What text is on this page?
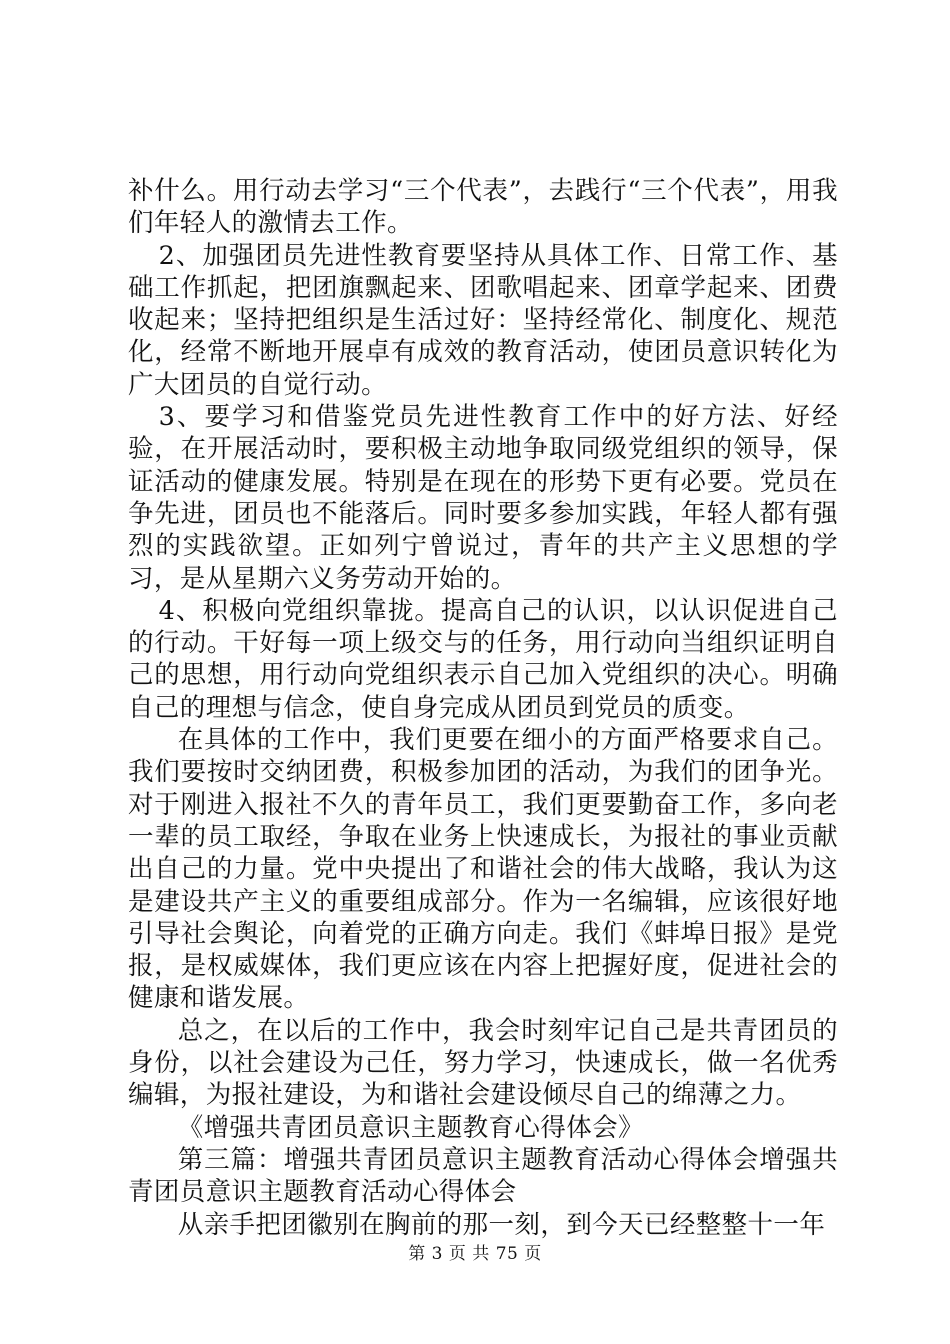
补什么。用行动去学习“三个代表”，去践行“三个代表”，用我们年轻人的激情去工作。

2、加强团员先进性教育要坚持从具体工作、日常工作、基础工作抓起，把团旗飘起来、团歌唱起来、团章学起来、团费收起来；坚持把组织是生活过好：坚持经常化、制度化、规范化，经常不断地开展卓有成效的教育活动，使团员意识转化为广大团员的自觉行动。

3、要学习和借鉴党员先进性教育工作中的好方法、好经验，在开展活动时，要积极主动地争取同级党组织的领导，保证活动的健康发展。特别是在现在的形势下更有必要。党员在争先进，团员也不能落后。同时要多参加实践，年轻人都有强烈的实践欲望。正如列宁曾说过，青年的共产主义思想的学习，是从星期六义务劳动开始的。

4、积极向党组织靠拢。提高自己的认识，以认识促进自己的行动。干好每一项上级交与的任务，用行动向当组织证明自己的思想，用行动向党组织表示自己加入党组织的决心。明确自己的理想与信念，使自身完成从团员到党员的质变。

在具体的工作中，我们更要在细小的方面严格要求自己。我们要按时交纳团费，积极参加团的活动，为我们的团争光。对于刚进入报社不久的青年员工，我们更要勤奋工作，多向老一辈的员工取经，争取在业务上快速成长，为报社的事业贡献出自己的力量。党中央提出了和谐社会的伟大战略，我认为这是建设共产主义的重要组成部分。作为一名编辑，应该很好地引导社会舆论，向着党的正确方向走。我们《蚌埠日报》是党报，是权威媒体，我们更应该在内容上把握好度，促进社会的健康和谐发展。

总之，在以后的工作中，我会时刻牢记自己是共青团员的身份，以社会建设为己任，努力学习，快速成长，做一名优秀编辑，为报社建设，为和谐社会建设倾尽自己的绵薄之力。

《增强共青团员意识主题教育心得体会》

第三篇：增强共青团员意识主题教育活动心得体会增强共青团员意识主题教育活动心得体会

从亲手把团徽别在胸前的那一刻，到今天已经整整十一年

第 3 页 共 75 页
